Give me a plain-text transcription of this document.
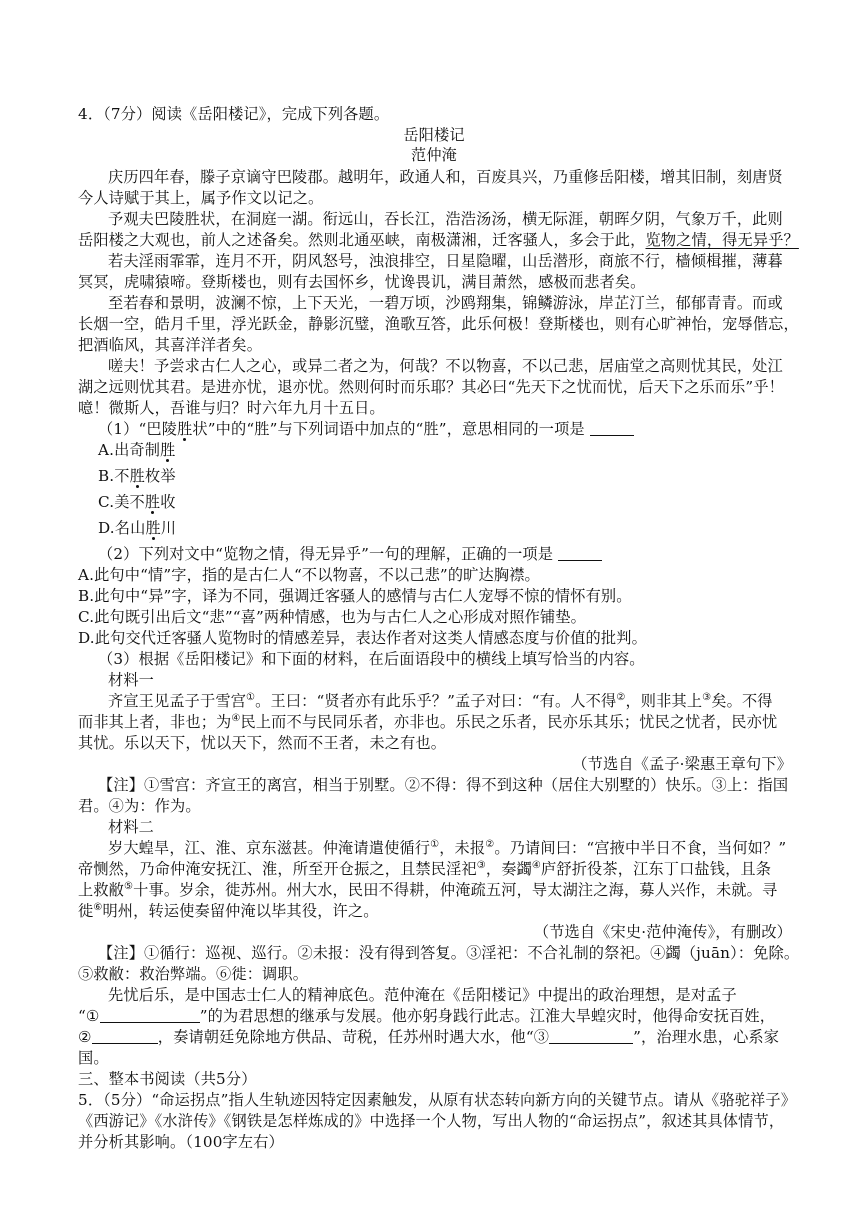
4．（7分）阅读《岳阳楼记》，完成下列各题。
岳阳楼记
范仲淹
庆历四年春，滕子京谪守巴陵郡。越明年，政通人和，百废具兴，乃重修岳阳楼，增其旧制，刻唐贤
今人诗赋于其上，属予作文以记之。
予观夫巴陵胜状，在洞庭一湖。衔远山，吞长江，浩浩汤汤，横无际涯，朝晖夕阴，气象万千，此则
岳阳楼之大观也，前人之述备矣。然则北通巫峡，南极潇湘，迁客骚人，多会于此，览物之情，得无异乎？
若夫淫雨霏霏，连月不开，阴风怒号，浊浪排空，日星隐曜，山岳潜形，商旅不行，樯倾楫摧，薄暮
冥冥，虎啸猿啼。登斯楼也，则有去国怀乡，忧谗畏讥，满目萧然，感极而悲者矣。
至若春和景明，波澜不惊，上下天光，一碧万顷，沙鸥翔集，锦鳞游泳，岸芷汀兰，郁郁青青。而或
长烟一空，皓月千里，浮光跃金，静影沉璧，渔歌互答，此乐何极！登斯楼也，则有心旷神怡，宠辱偕忘，
把酒临风，其喜洋洋者矣。
嗟夫！予尝求古仁人之心，或异二者之为，何哉？不以物喜，不以己悲，居庙堂之高则忧其民，处江
湖之远则忧其君。是进亦忧，退亦忧。然则何时而乐耶？其必曰“先天下之忧而忧，后天下之乐而乐”乎！
噫！微斯人，吾谁与归？时六年九月十五日。
（1）“巴陵胜状”中的“胜”与下列词语中加点的“胜”，意思相同的一项是
A.出奇制胜
B.不胜枚举
C.美不胜收
D.名山胜川
（2）下列对文中“览物之情，得无异乎”一句的理解，正确的一项是
A.此句中“情”字，指的是古仁人“不以物喜，不以己悲”的旷达胸襟。
B.此句中“异”字，译为不同，强调迁客骚人的感情与古仁人宠辱不惊的情怀有别。
C.此句既引出后文“悲”“喜”两种情感，也为与古仁人之心形成对照作铺垫。
D.此句交代迁客骚人览物时的情感差异，表达作者对这类人情感态度与价值的批判。
（3）根据《岳阳楼记》和下面的材料，在后面语段中的横线上填写恰当的内容。
材料一
齐宣王见孟子于雪宫①。王曰：“贤者亦有此乐乎？”孟子对曰：“有。人不得②，则非其上③矣。不得
而非其上者，非也；为④民上而不与民同乐者，亦非也。乐民之乐者，民亦乐其乐；忧民之忧者，民亦忧
其忧。乐以天下，忧以天下，然而不王者，未之有也。
（节选自《孟子·梁惠王章句下》
【注】①雪宫：齐宣王的离宫，相当于别墅。②不得：得不到这种（居住大别墅的）快乐。③上：指国
君。④为：作为。
材料二
岁大蝗旱，江、淮、京东滋甚。仲淹请遣使循行①，未报②。乃请间曰：“宫掖中半日不食，当何如？”
帝恻然，乃命仲淹安抚江、淮，所至开仓振之，且禁民淫祀③，奏蠲④庐舒折役茶，江东丁口盐钱，且条
上救敝⑤十事。岁余，徙苏州。州大水，民田不得耕，仲淹疏五河，导太湖注之海，募人兴作，未就。寻
徙⑥明州，转运使奏留仲淹以毕其役，许之。
（节选自《宋史·范仲淹传》，有删改）
【注】①循行：巡视、巡行。②未报：没有得到答复。③淫祀：不合礼制的祭祀。④蠲（juān）：免除。
⑤救敝：救治弊端。⑥徙：调职。
先忧后乐，是中国志士仁人的精神底色。范仲淹在《岳阳楼记》中提出的政治理想，是对孟子
“①	”的为君思想的继承与发展。他亦躬身践行此志。江淮大旱蝗灾时，他得命安抚百姓，
②	，奏请朝廷免除地方供品、苛税，任苏州时遇大水，他“③	”，治理水患，心系家
国。
三、整本书阅读（共5分）
5．（5分）“命运拐点”指人生轨迹因特定因素触发，从原有状态转向新方向的关键节点。请从《骆驼祥子》
《西游记》《水浒传》《钢铁是怎样炼成的》中选择一个人物，写出人物的“命运拐点”，叙述其具体情节，
并分析其影响。（100字左右）
